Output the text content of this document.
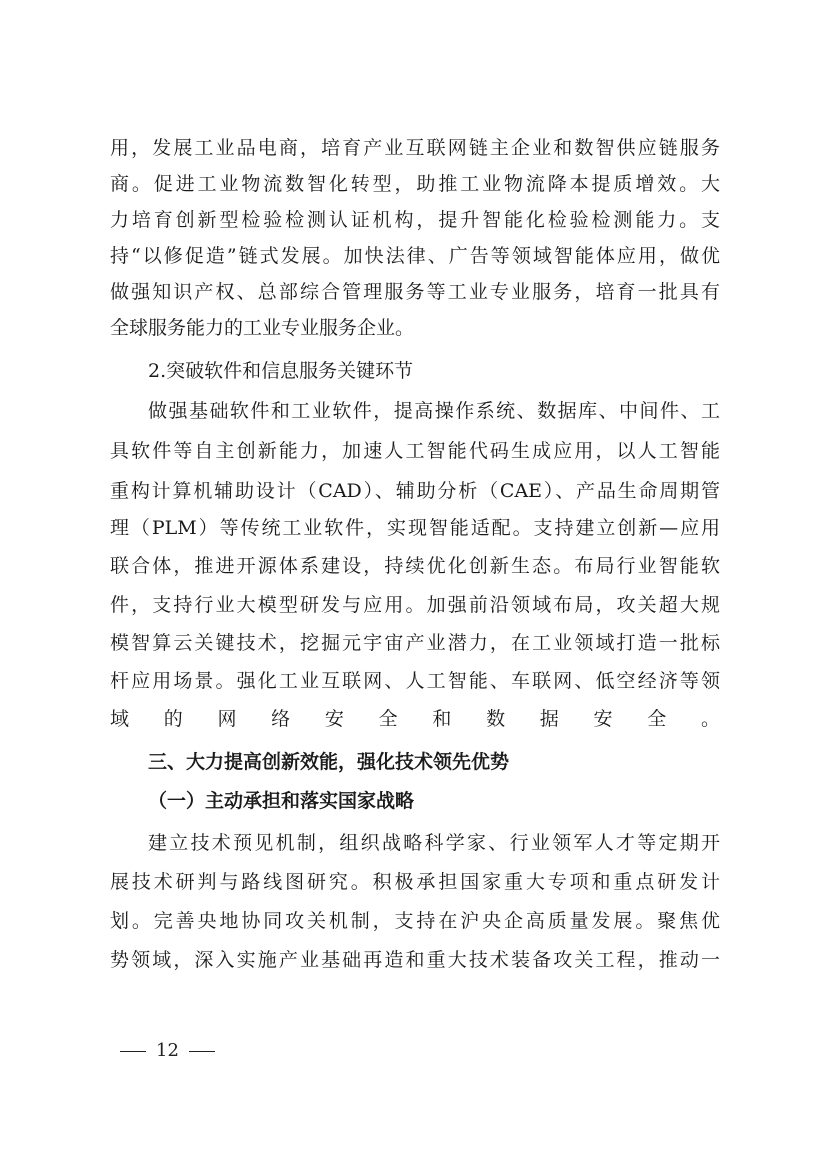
用，发展工业品电商，培育产业互联网链主企业和数智供应链服务
商。促进工业物流数智化转型，助推工业物流降本提质增效。大
力培育创新型检验检测认证机构，提升智能化检验检测能力。支
持“以修促造”链式发展。加快法律、广告等领域智能体应用，做优
做强知识产权、总部综合管理服务等工业专业服务，培育一批具有
全球服务能力的工业专业服务企业。
2.突破软件和信息服务关键环节
做强基础软件和工业软件，提高操作系统、数据库、中间件、工
具软件等自主创新能力，加速人工智能代码生成应用，以人工智能
重构计算机辅助设计（CAD）、辅助分析（CAE）、产品生命周期管
理（PLM）等传统工业软件，实现智能适配。支持建立创新—应用
联合体，推进开源体系建设，持续优化创新生态。布局行业智能软
件，支持行业大模型研发与应用。加强前沿领域布局，攻关超大规
模智算云关键技术，挖掘元宇宙产业潜力，在工业领域打造一批标
杆应用场景。强化工业互联网、人工智能、车联网、低空经济等领
域的网络安全和数据安全。
三、大力提高创新效能，强化技术领先优势
（一）主动承担和落实国家战略
建立技术预见机制，组织战略科学家、行业领军人才等定期开
展技术研判与路线图研究。积极承担国家重大专项和重点研发计
划。完善央地协同攻关机制，支持在沪央企高质量发展。聚焦优
势领域，深入实施产业基础再造和重大技术装备攻关工程，推动一
12
